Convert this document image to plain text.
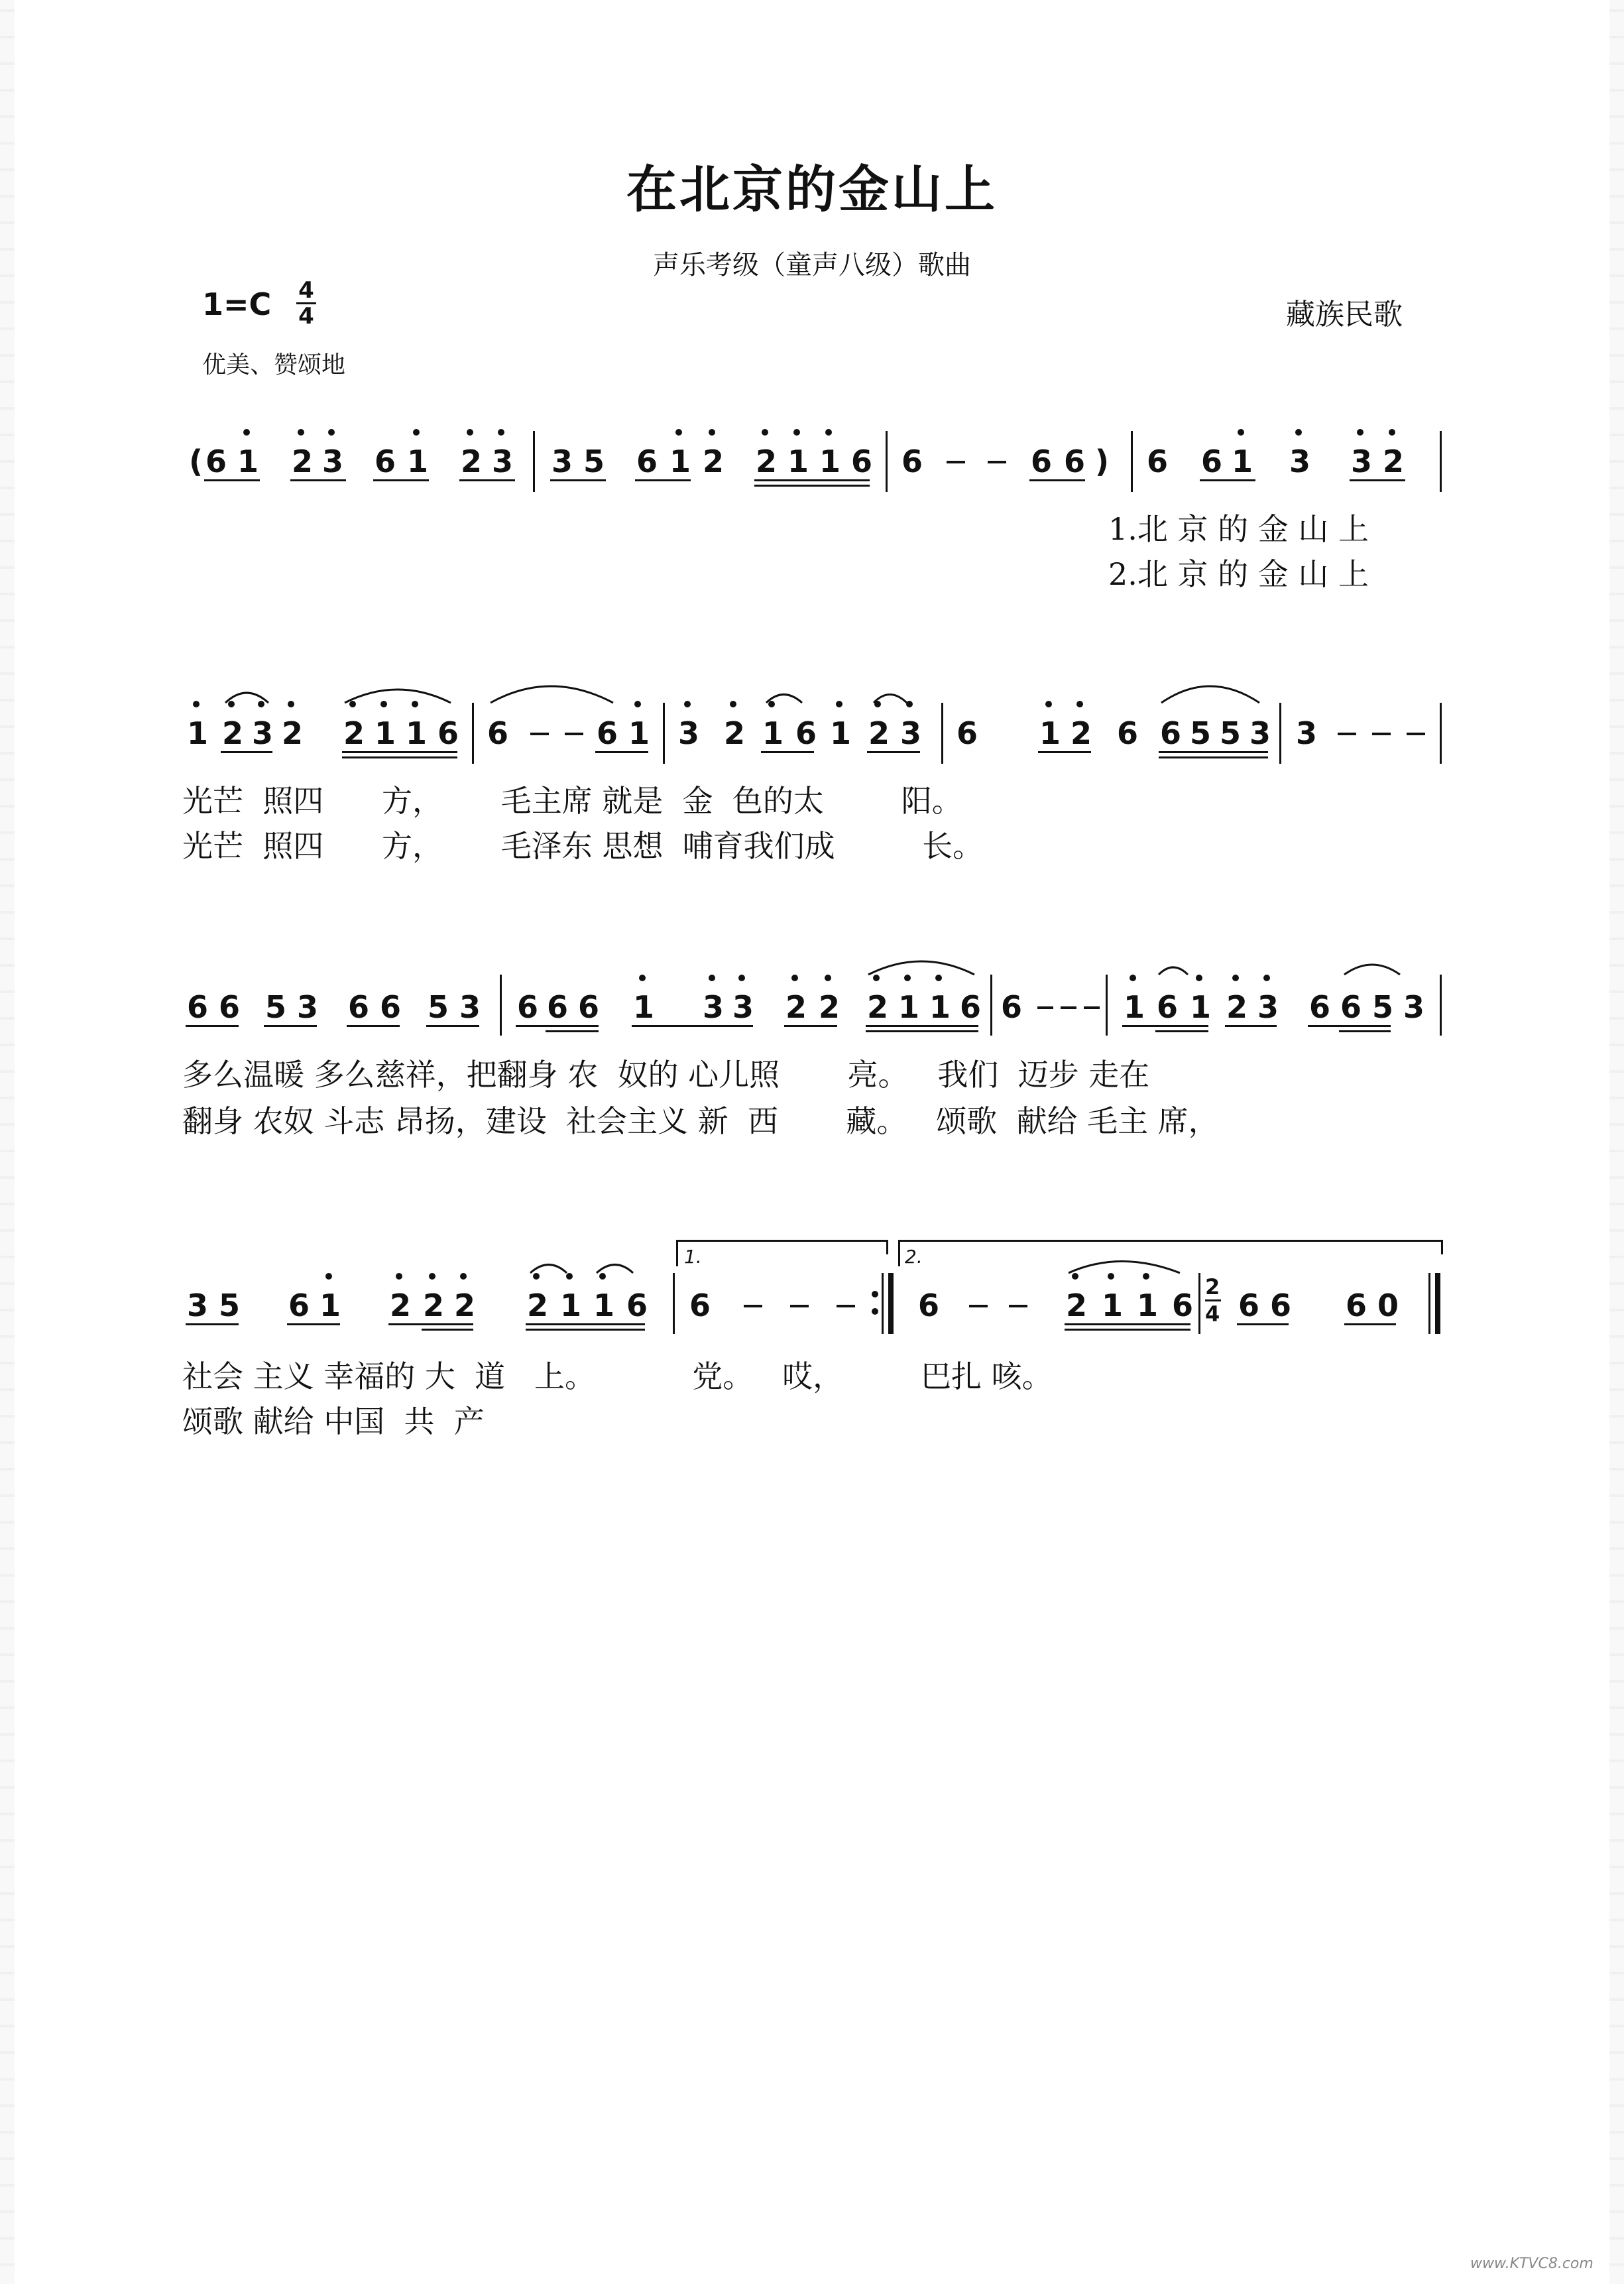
在北京的金山上
声乐考级（童声八级）歌曲
1=C 4
4	藏族民歌
优美、赞颂地
( 6 1 2 3 6 1 2 3 3 5 6 1 2 2 1 1 6 6	6 6 ) 6 6 1 3 3 2
1 2 3 2 2 1 1 6 6	6 1 3 2 1 6 1 2 3 6 1 2 6 6 5 5 3 3
6 6 5 3 6 6 5 3 6 6 6 1 3 3 2 2 2 1 1 6 6	1 6 1 2 3 6 6 5 3
3 5 6 1 2 2 2 2 1 1 6 6	6	2 1 1 6
2
4 6 6 6 0
1.	2.
1.北 京 的 金 山 上
2.北 京 的 金 山 上
光芒  照四      方，      毛主席 就是  金  色的太        阳。
光芒  照四      方，      毛泽东 思想  哺育我们成         长。
多么温暖 多么慈祥，把翻身 农  奴的 心儿照       亮。   我们  迈步 走在
翻身 农奴 斗志 昂扬，建设  社会主义 新  西       藏。   颂歌  献给 毛主 席，
社会 主义 幸福的 大  道   上。          党。   哎，        巴扎 咳。
颂歌 献给 中国  共  产
(6 i 2 3 6 i 2 3 | 3 5 6 i 2 2 i i 6 | 6 – – 6 6) | 6 6 i 3 3 2 | i 2 3 2 2 i i 6 | 6 – – 6 i | 3 2 i 6 i 2 3 | 6 i 2 6 6553 | 3 – – – | 6 6 5 3 6 6 5 3 | 6 6 6 i 3 3 2 2 2 i i 6 | 6 – – – | i 6 i 2 3 6 6 5 3 | 3 5 6 i 2 2 2 2 i i 6 | 6 – – – :|| 6 – – 2 i i 6 | 2/4 6 6 6 0 ||
www.KTVC8.com
